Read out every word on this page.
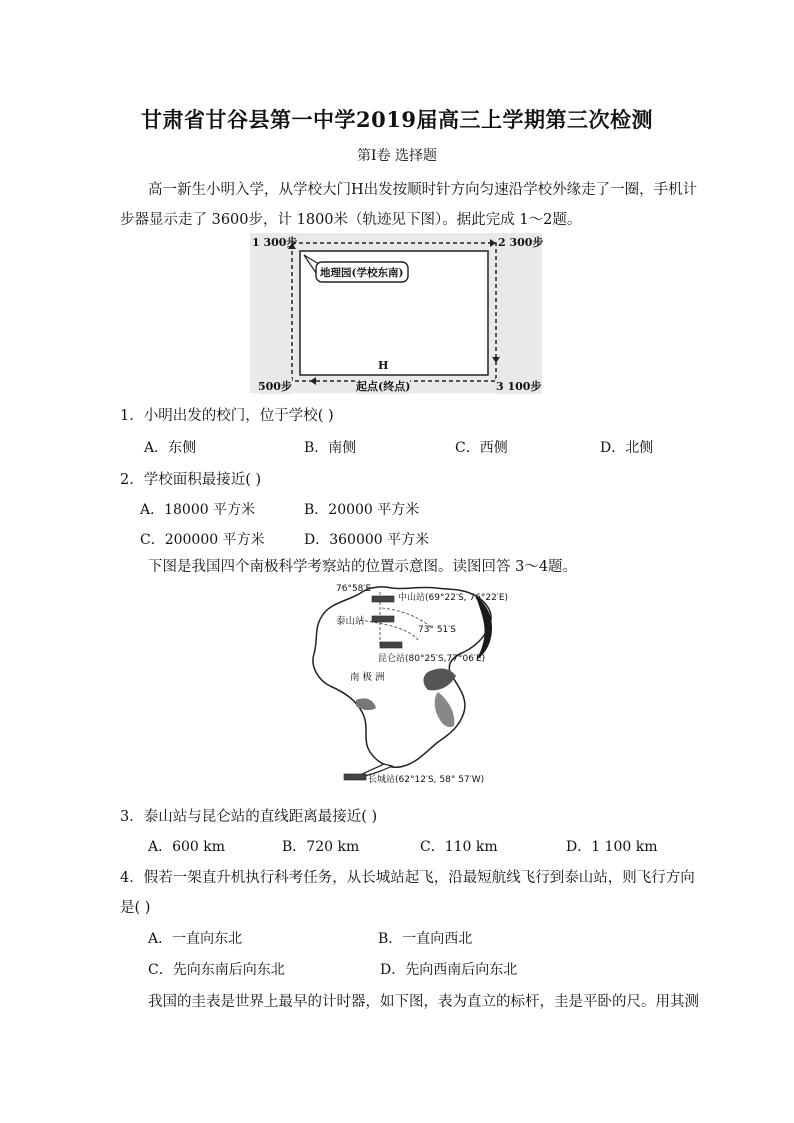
甘肃省甘谷县第一中学2019届高三上学期第三次检测
第Ⅰ卷 选择题
高一新生小明入学，从学校大门H出发按顺时针方向匀速沿学校外缘走了一圈，手机计
步器显示走了 3600步，计 1800米（轨迹见下图）。据此完成 1～2题。
地理园(学校东南)
H
1 300步	2 300步
500步	3 100步
起点(终点)
1．小明出发的校门，位于学校( )
A．东侧	B．南侧	C．西侧	D．北侧
2．学校面积最接近( )
A．18000 平方米	B．20000 平方米
C．200000 平方米	D．360000 平方米
下图是我国四个南极科学考察站的位置示意图。读图回答 3～4题。
76°58′E
中山站(69°22′S, 76°22′E)
泰山站
73° 51′S
昆仑站(80°25′S,77°06′E)
南 极 洲
长城站(62°12′S, 58° 57′W)
3．泰山站与昆仑站的直线距离最接近( )
A．600 km	B．720 km	C．110 km	D．1 100 km
4．假若一架直升机执行科考任务，从长城站起飞，沿最短航线飞行到泰山站，则飞行方向
是( )
A．一直向东北	B．一直向西北
C．先向东南后向东北	D．先向西南后向东北
我国的圭表是世界上最早的计时器，如下图，表为直立的标杆，圭是平卧的尺。用其测
